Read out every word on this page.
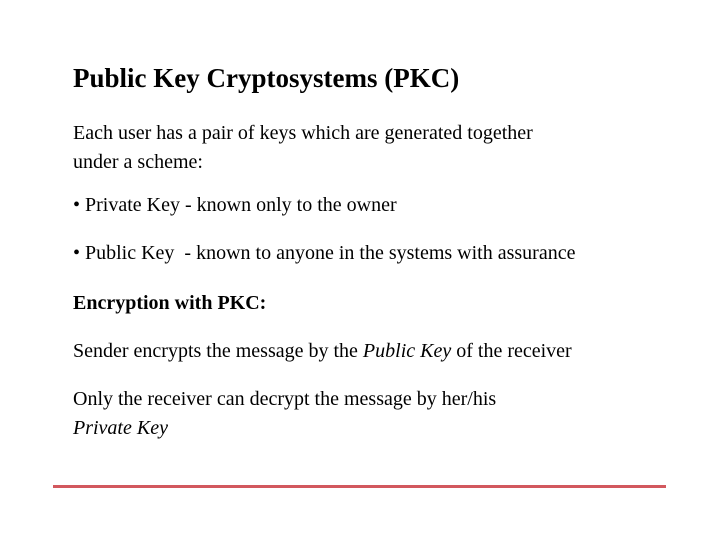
Public Key Cryptosystems (PKC)
Each user has a pair of keys which are generated together
under a scheme:
• Private Key - known only to the owner
• Public Key  - known to anyone in the systems with assurance
Encryption with PKC:
Sender encrypts the message by the Public Key of the receiver
Only the receiver can decrypt the message by her/his
Private Key
